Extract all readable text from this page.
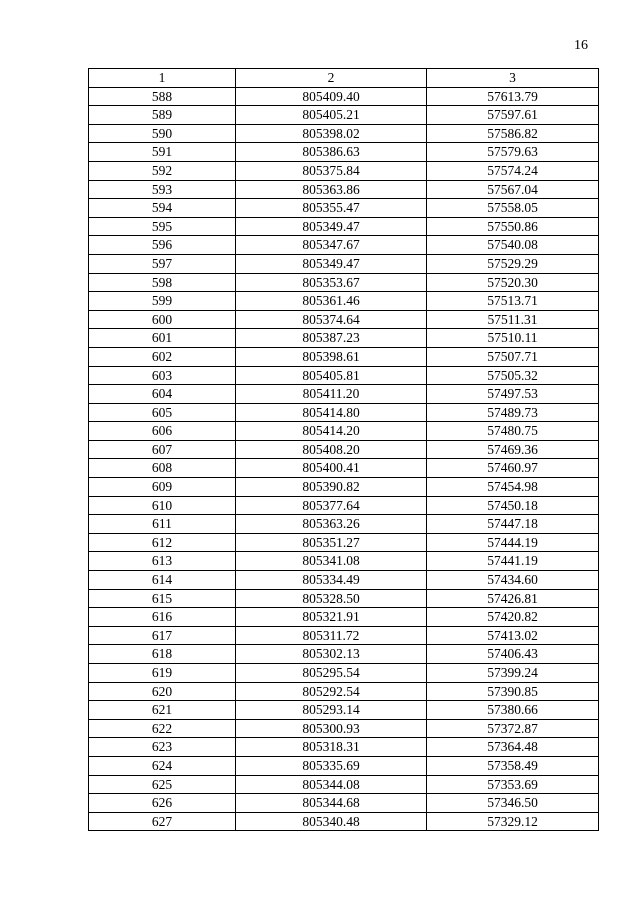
16
1	2	3
588	805409.40	57613.79
589	805405.21	57597.61
590	805398.02	57586.82
591	805386.63	57579.63
592	805375.84	57574.24
593	805363.86	57567.04
594	805355.47	57558.05
595	805349.47	57550.86
596	805347.67	57540.08
597	805349.47	57529.29
598	805353.67	57520.30
599	805361.46	57513.71
600	805374.64	57511.31
601	805387.23	57510.11
602	805398.61	57507.71
603	805405.81	57505.32
604	805411.20	57497.53
605	805414.80	57489.73
606	805414.20	57480.75
607	805408.20	57469.36
608	805400.41	57460.97
609	805390.82	57454.98
610	805377.64	57450.18
611	805363.26	57447.18
612	805351.27	57444.19
613	805341.08	57441.19
614	805334.49	57434.60
615	805328.50	57426.81
616	805321.91	57420.82
617	805311.72	57413.02
618	805302.13	57406.43
619	805295.54	57399.24
620	805292.54	57390.85
621	805293.14	57380.66
622	805300.93	57372.87
623	805318.31	57364.48
624	805335.69	57358.49
625	805344.08	57353.69
626	805344.68	57346.50
627	805340.48	57329.12
